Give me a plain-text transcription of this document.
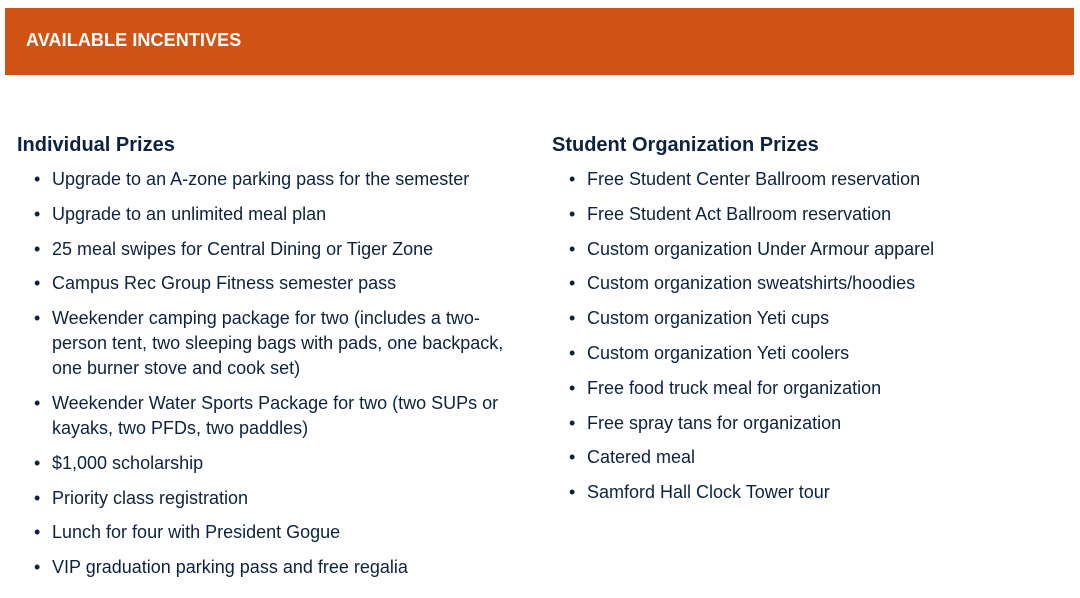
AVAILABLE INCENTIVES
Individual Prizes
• Upgrade to an A-zone parking pass for the semester
• Upgrade to an unlimited meal plan
• 25 meal swipes for Central Dining or Tiger Zone
• Campus Rec Group Fitness semester pass
• Weekender camping package for two (includes a two-person tent, two sleeping bags with pads, one backpack, one burner stove and cook set)
• Weekender Water Sports Package for two (two SUPs or kayaks, two PFDs, two paddles)
• $1,000 scholarship
• Priority class registration
• Lunch for four with President Gogue
• VIP graduation parking pass and free regalia
Student Organization Prizes
• Free Student Center Ballroom reservation
• Free Student Act Ballroom reservation
• Custom organization Under Armour apparel
• Custom organization sweatshirts/hoodies
• Custom organization Yeti cups
• Custom organization Yeti coolers
• Free food truck meal for organization
• Free spray tans for organization
• Catered meal
• Samford Hall Clock Tower tour
